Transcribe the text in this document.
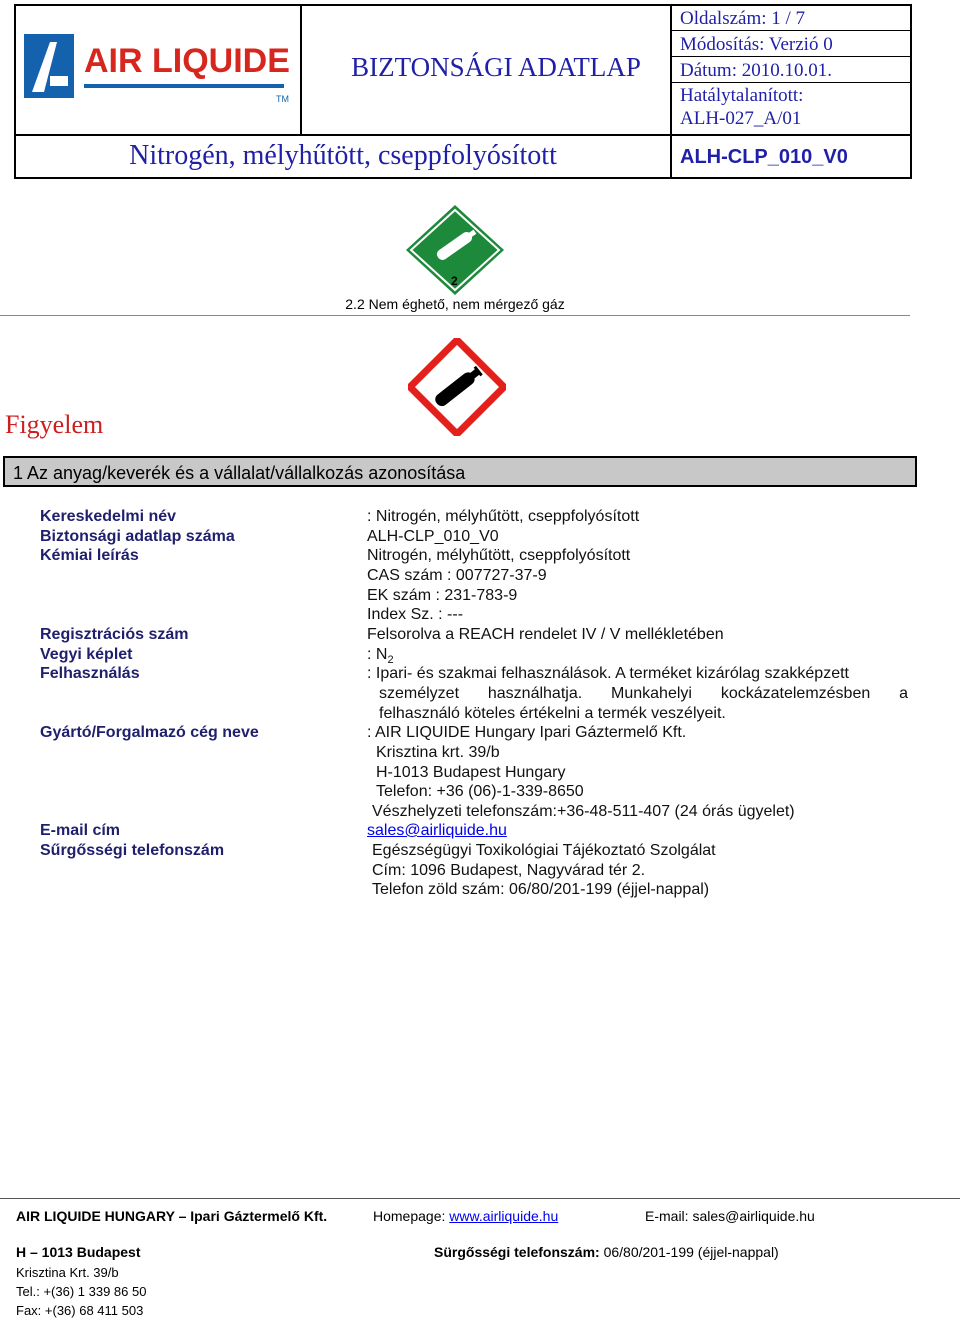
AIR LIQUIDE
TM
BIZTONSÁGI ADATLAP
Nitrogén, mélyhűtött, cseppfolyósított
Oldalszám: 1 / 7
Módosítás: Verzió 0
Dátum: 2010.10.01.
Hatálytalanított:
ALH-027_A/01
ALH-CLP_010_V0
2
2.2 Nem éghető, nem mérgező gáz
Figyelem
1 Az anyag/keverék és a vállalat/vállalkozás azonosítása
Kereskedelmi név	: Nitrogén, mélyhűtött, cseppfolyósított
Biztonsági adatlap száma	ALH-CLP_010_V0
Kémiai leírás	Nitrogén, mélyhűtött, cseppfolyósított
CAS szám : 007727-37-9
EK szám : 231-783-9
Index Sz. : ---
Regisztrációs szám	Felsorolva a REACH rendelet IV / V mellékletében
Vegyi képlet	: $N_2$
Felhasználás	: Ipari- és szakmai felhasználások. A terméket kizárólag szakképzett
személyzet használhatja. Munkahelyi kockázatelemzésben a
felhasználó köteles értékelni a termék veszélyeit.
Gyártó/Forgalmazó cég neve	: AIR LIQUIDE Hungary Ipari Gáztermelő Kft.
Krisztina krt. 39/b
H-1013 Budapest Hungary
Telefon: +36 (06)-1-339-8650
Vészhelyzeti telefonszám:+36-48-511-407 (24 órás ügyelet)
E-mail cím	sales@airliquide.hu
Sűrgősségi telefonszám	Egészségügyi Toxikológiai Tájékoztató Szolgálat
Cím: 1096 Budapest, Nagyvárad tér 2.
Telefon zöld szám: 06/80/201-199 (éjjel-nappal)
AIR LIQUIDE HUNGARY – Ipari Gáztermelő Kft.	Homepage: www.airliquide.hu	E-mail: sales@airliquide.hu
H – 1013 Budapest	Sürgősségi telefonszám: 06/80/201-199 (éjjel-nappal)
Krisztina Krt. 39/b
Tel.: +(36) 1 339 86 50
Fax: +(36) 68 411 503
